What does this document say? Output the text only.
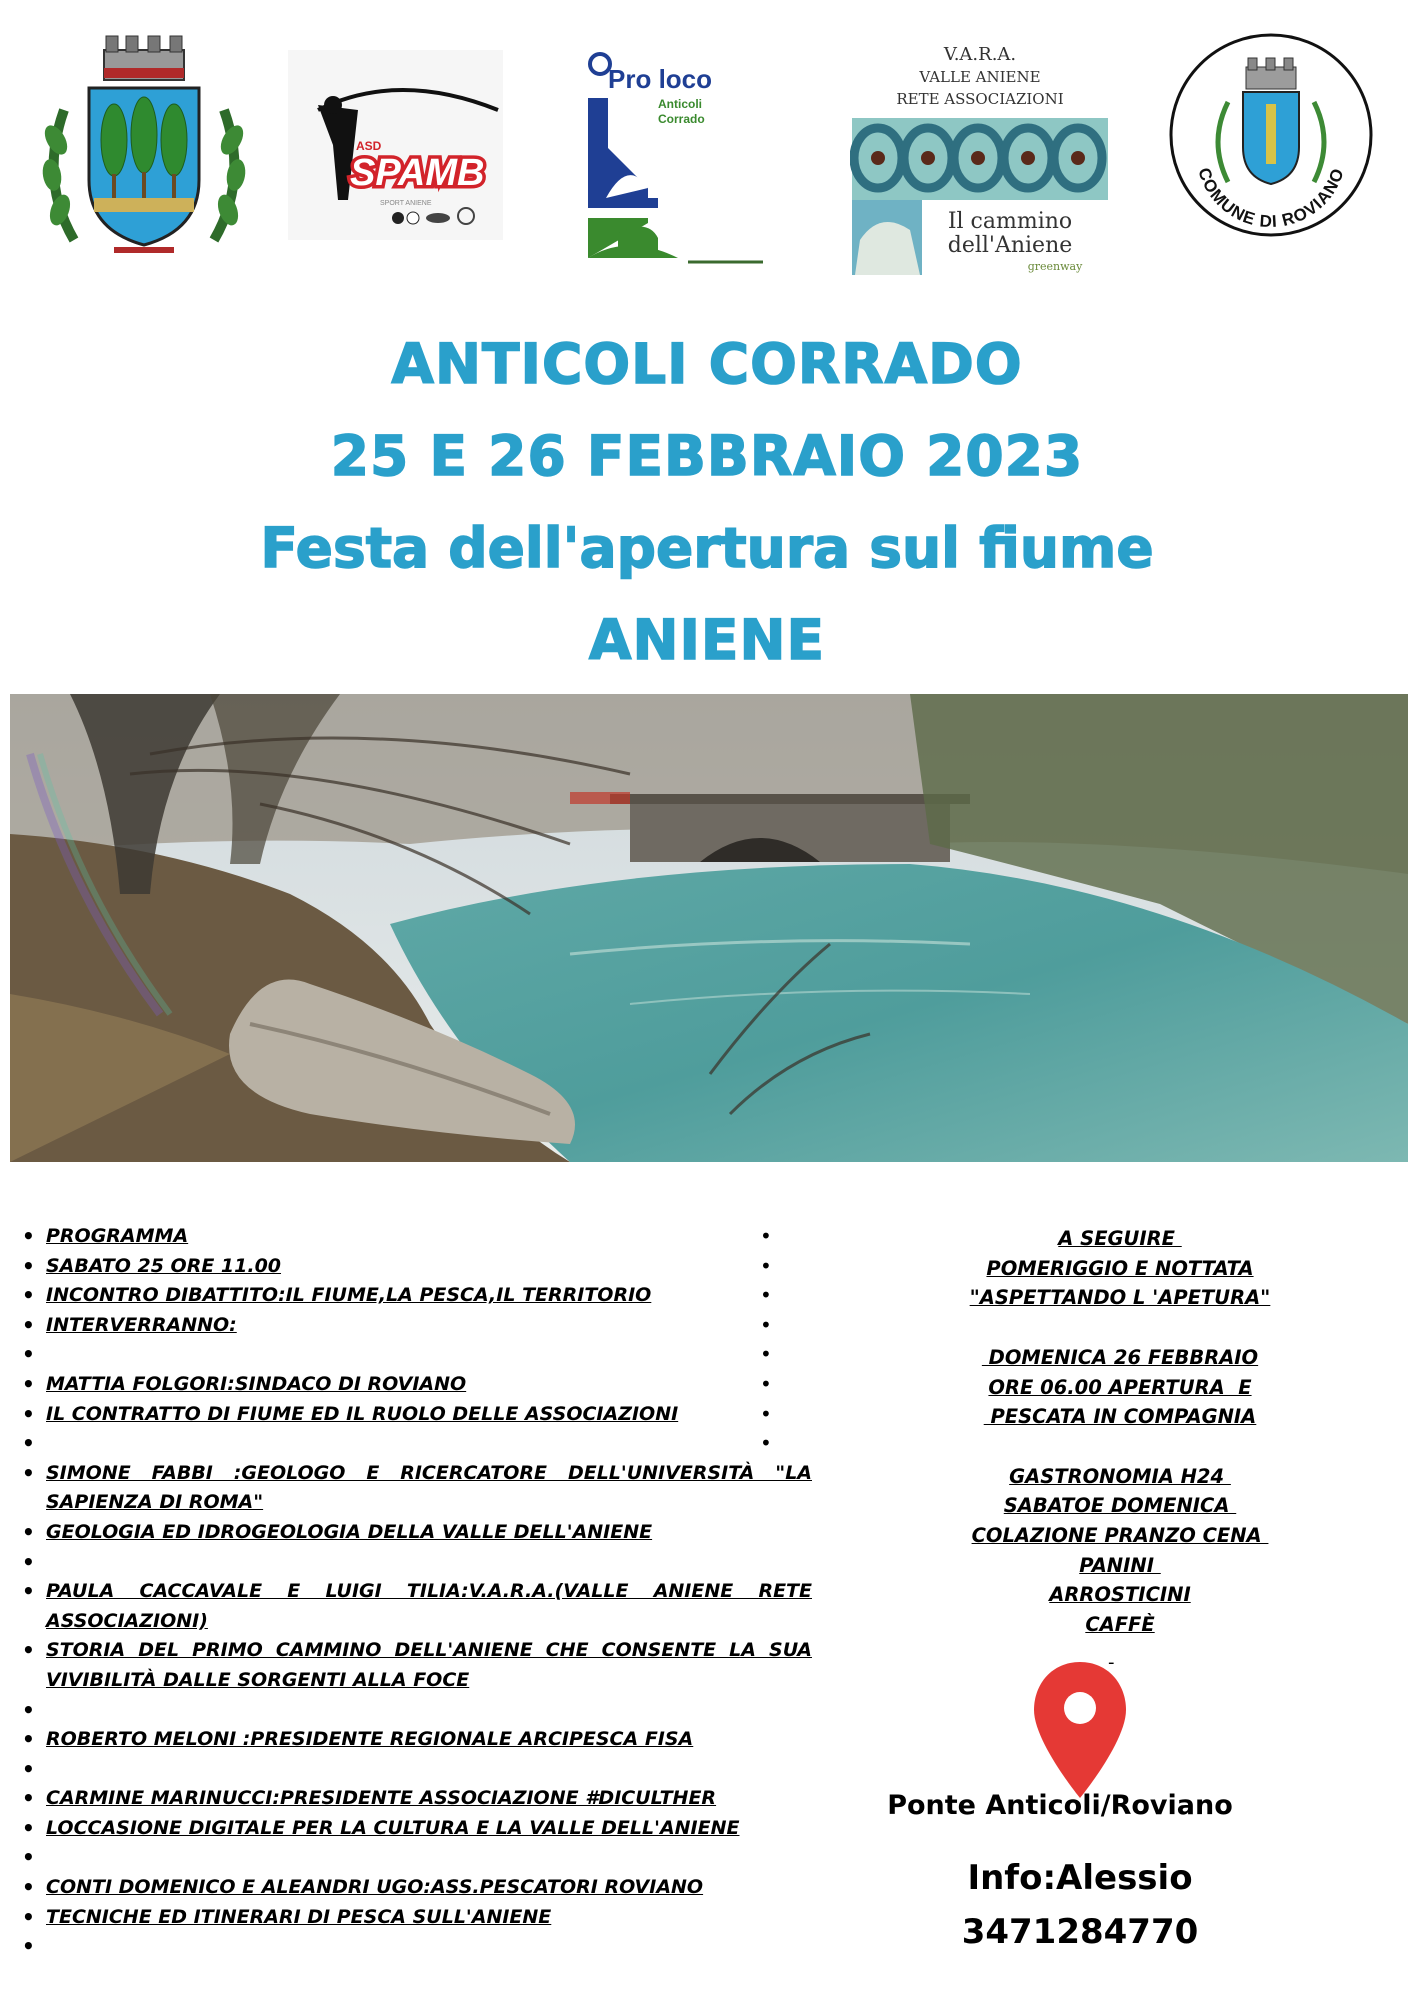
ASD
SPAMB
SPORT ANIENE
Pro loco
Anticoli
Corrado
V.A.R.A.
VALLE ANIENE
RETE ASSOCIAZIONI
Il cammino
dell'Aniene
greenway
COMUNE DI ROVIANO
ANTICOLI CORRADO
25 E 26 FEBBRAIO 2023
Festa dell'apertura sul fiume
ANIENE
• PROGRAMMA
• SABATO 25 ORE 11.00
• INCONTRO DIBATTITO:IL FIUME,LA PESCA,IL TERRITORIO
• INTERVERRANNO:
•
• MATTIA FOLGORI:SINDACO DI ROVIANO
• IL CONTRATTO DI FIUME ED IL RUOLO DELLE ASSOCIAZIONI
•
• SIMONE FABBI :GEOLOGO E RICERCATORE DELL'UNIVERSITÀ "LA SAPIENZA DI ROMA"
• GEOLOGIA ED IDROGEOLOGIA DELLA VALLE DELL'ANIENE
•
• PAULA CACCAVALE E LUIGI TILIA:V.A.R.A.(VALLE ANIENE RETE ASSOCIAZIONI)
• STORIA DEL PRIMO CAMMINO DELL'ANIENE CHE CONSENTE LA SUA VIVIBILITÀ DALLE SORGENTI ALLA FOCE
•
• ROBERTO MELONI :PRESIDENTE REGIONALE ARCIPESCA FISA
•
• CARMINE MARINUCCI:PRESIDENTE ASSOCIAZIONE #DICULTHER
• LOCCASIONE DIGITALE PER LA CULTURA E LA VALLE DELL'ANIENE
•
• CONTI DOMENICO E ALEANDRI UGO:ASS.PESCATORI ROVIANO
• TECNICHE ED ITINERARI DI PESCA SULL'ANIENE
•
•
•
•
•
•
•
•
•
A SEGUIRE
POMERIGGIO E NOTTATA
"ASPETTANDO L 'APETURA"
DOMENICA 26 FEBBRAIO
ORE 06.00 APERTURA  E
PESCATA IN COMPAGNIA
GASTRONOMIA H24
SABATOE DOMENICA
COLAZIONE PRANZO CENA
PANINI
ARROSTICINI
CAFFÈ
-
Ponte Anticoli/Roviano
Info:Alessio
3471284770
